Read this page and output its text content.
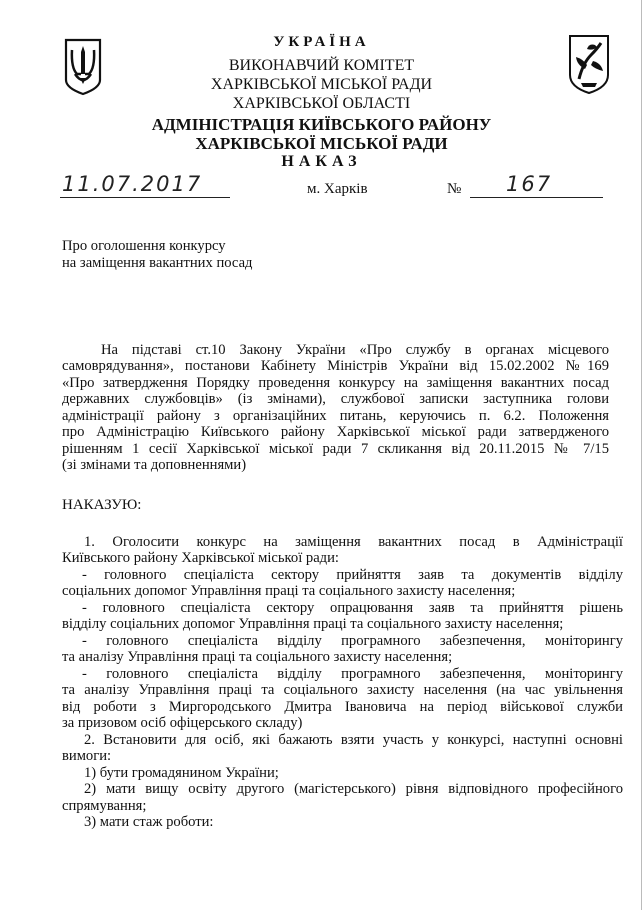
УКРАЇНА
ВИКОНАВЧИЙ КОМІТЕТ
ХАРКІВСЬКОЇ МІСЬКОЇ РАДИ
ХАРКІВСЬКОЇ ОБЛАСТІ
АДМІНІСТРАЦІЯ КИЇВСЬКОГО РАЙОНУ
ХАРКІВСЬКОЇ МІСЬКОЇ РАДИ
НАКАЗ
11.07.2017	м. Харків	№ 167
Про оголошення конкурсу
на заміщення вакантних посад
На підставі ст.10 Закону України «Про службу в органах місцевого
самоврядування», постанови Кабінету Міністрів України від 15.02.2002 №169
«Про затвердження Порядку проведення конкурсу на заміщення вакантних посад
державних службовців» (із змінами), службової записки заступника голови
адміністрації району з організаційних питань, керуючись п. 6.2. Положення
про Адміністрацію Київського району Харківської міської ради затвердженого
рішенням 1 сесії Харківської міської ради 7 скликання від 20.11.2015 № 7/15
(зі змінами та доповненнями)
НАКАЗУЮ:
1. Оголосити конкурс на заміщення вакантних посад в Адміністрації
Київського району Харківської міської ради:
- головного спеціаліста сектору прийняття заяв та документів відділу
соціальних допомог Управління праці та соціального захисту населення;
- головного спеціаліста сектору опрацювання заяв та прийняття рішень
відділу соціальних допомог Управління праці та соціального захисту населення;
- головного спеціаліста відділу програмного забезпечення, моніторингу
та аналізу Управління праці та соціального захисту населення;
- головного спеціаліста відділу програмного забезпечення, моніторингу
та аналізу Управління праці та соціального захисту населення (на час увільнення
від роботи з Миргородського Дмитра Івановича на період військової служби
за призовом осіб офіцерського складу)
2. Встановити для осіб, які бажають взяти участь у конкурсі, наступні основні
вимоги:
1) бути громадянином України;
2) мати вищу освіту другого (магістерського) рівня відповідного професійного
спрямування;
3) мати стаж роботи:
